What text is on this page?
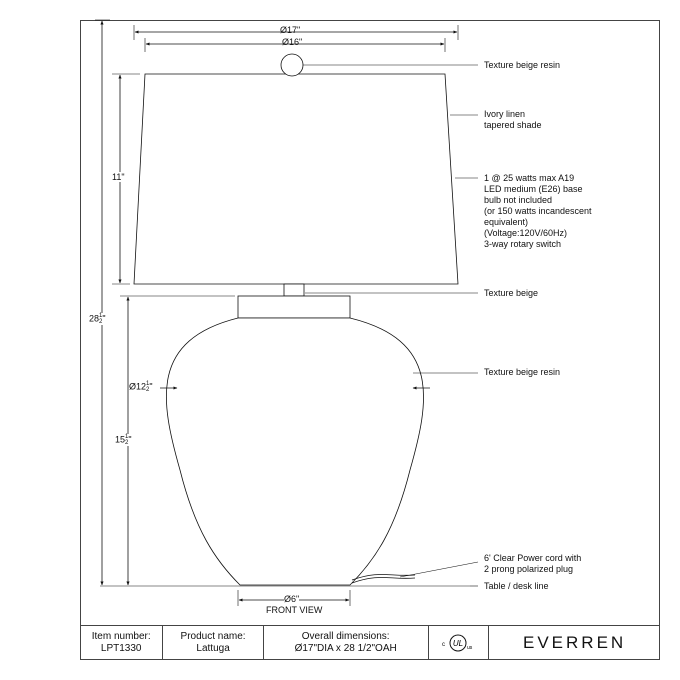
Ø17"
Ø16"
11"
28 1
2 "
15 1
2 "
Ø12 1
2 "
Ø6"
FRONT VIEW
Texture beige resin
Ivory linen
tapered shade
1 @ 25 watts max A19
LED medium (E26) base
bulb not included
(or 150 watts incandescent
equivalent)
(Voltage:120V/60Hz)
3-way rotary switch
Texture beige
Texture beige resin
6' Clear Power cord with
2 prong polarized plug
Table / desk line
Item number:
LPT1330
Product name:
Lattuga
Overall dimensions:
Ø17"DIA x 28 1/2"OAH	c UL us	EVERREN
